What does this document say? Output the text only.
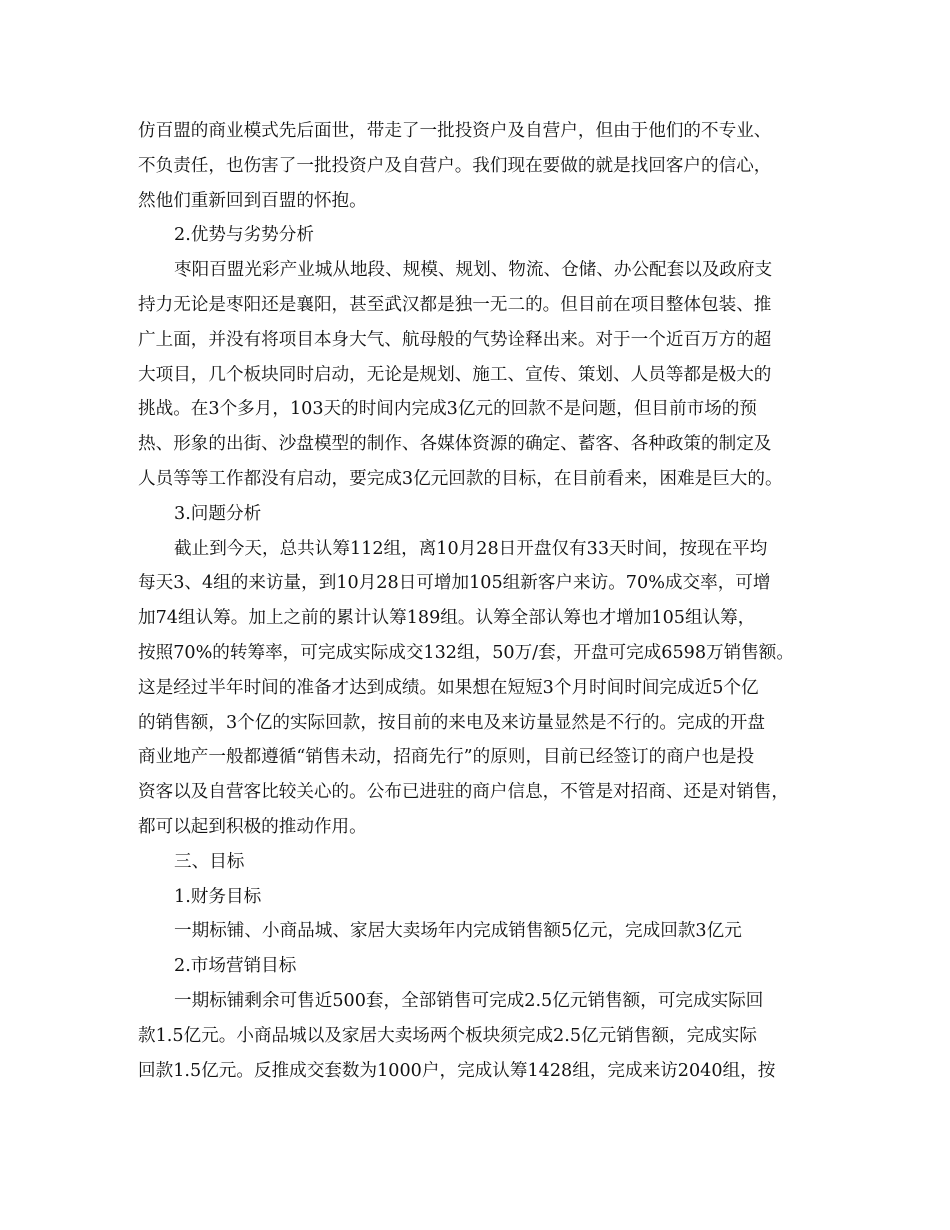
仿百盟的商业模式先后面世，带走了一批投资户及自营户，但由于他们的不专业、
不负责任，也伤害了一批投资户及自营户。我们现在要做的就是找回客户的信心，
然他们重新回到百盟的怀抱。
2.优势与劣势分析
枣阳百盟光彩产业城从地段、规模、规划、物流、仓储、办公配套以及政府支
持力无论是枣阳还是襄阳，甚至武汉都是独一无二的。但目前在项目整体包装、推
广上面，并没有将项目本身大气、航母般的气势诠释出来。对于一个近百万方的超
大项目，几个板块同时启动，无论是规划、施工、宣传、策划、人员等都是极大的
挑战。在3个多月，103天的时间内完成3亿元的回款不是问题，但目前市场的预
热、形象的出街、沙盘模型的制作、各媒体资源的确定、蓄客、各种政策的制定及
人员等等工作都没有启动，要完成3亿元回款的目标，在目前看来，困难是巨大的。
3.问题分析
截止到今天，总共认筹112组，离10月28日开盘仅有33天时间，按现在平均
每天3、4组的来访量，到10月28日可增加105组新客户来访。70%成交率，可增
加74组认筹。加上之前的累计认筹189组。认筹全部认筹也才增加105组认筹，
按照70%的转筹率，可完成实际成交132组，50万/套，开盘可完成6598万销售额。
这是经过半年时间的准备才达到成绩。如果想在短短3个月时间时间完成近5个亿
的销售额，3个亿的实际回款，按目前的来电及来访量显然是不行的。完成的开盘
商业地产一般都遵循“销售未动，招商先行”的原则，目前已经签订的商户也是投
资客以及自营客比较关心的。公布已进驻的商户信息，不管是对招商、还是对销售，
都可以起到积极的推动作用。
三、目标
1.财务目标
一期标铺、小商品城、家居大卖场年内完成销售额5亿元，完成回款3亿元
2.市场营销目标
一期标铺剩余可售近500套，全部销售可完成2.5亿元销售额，可完成实际回
款1.5亿元。小商品城以及家居大卖场两个板块须完成2.5亿元销售额，完成实际
回款1.5亿元。反推成交套数为1000户，完成认筹1428组，完成来访2040组，按
